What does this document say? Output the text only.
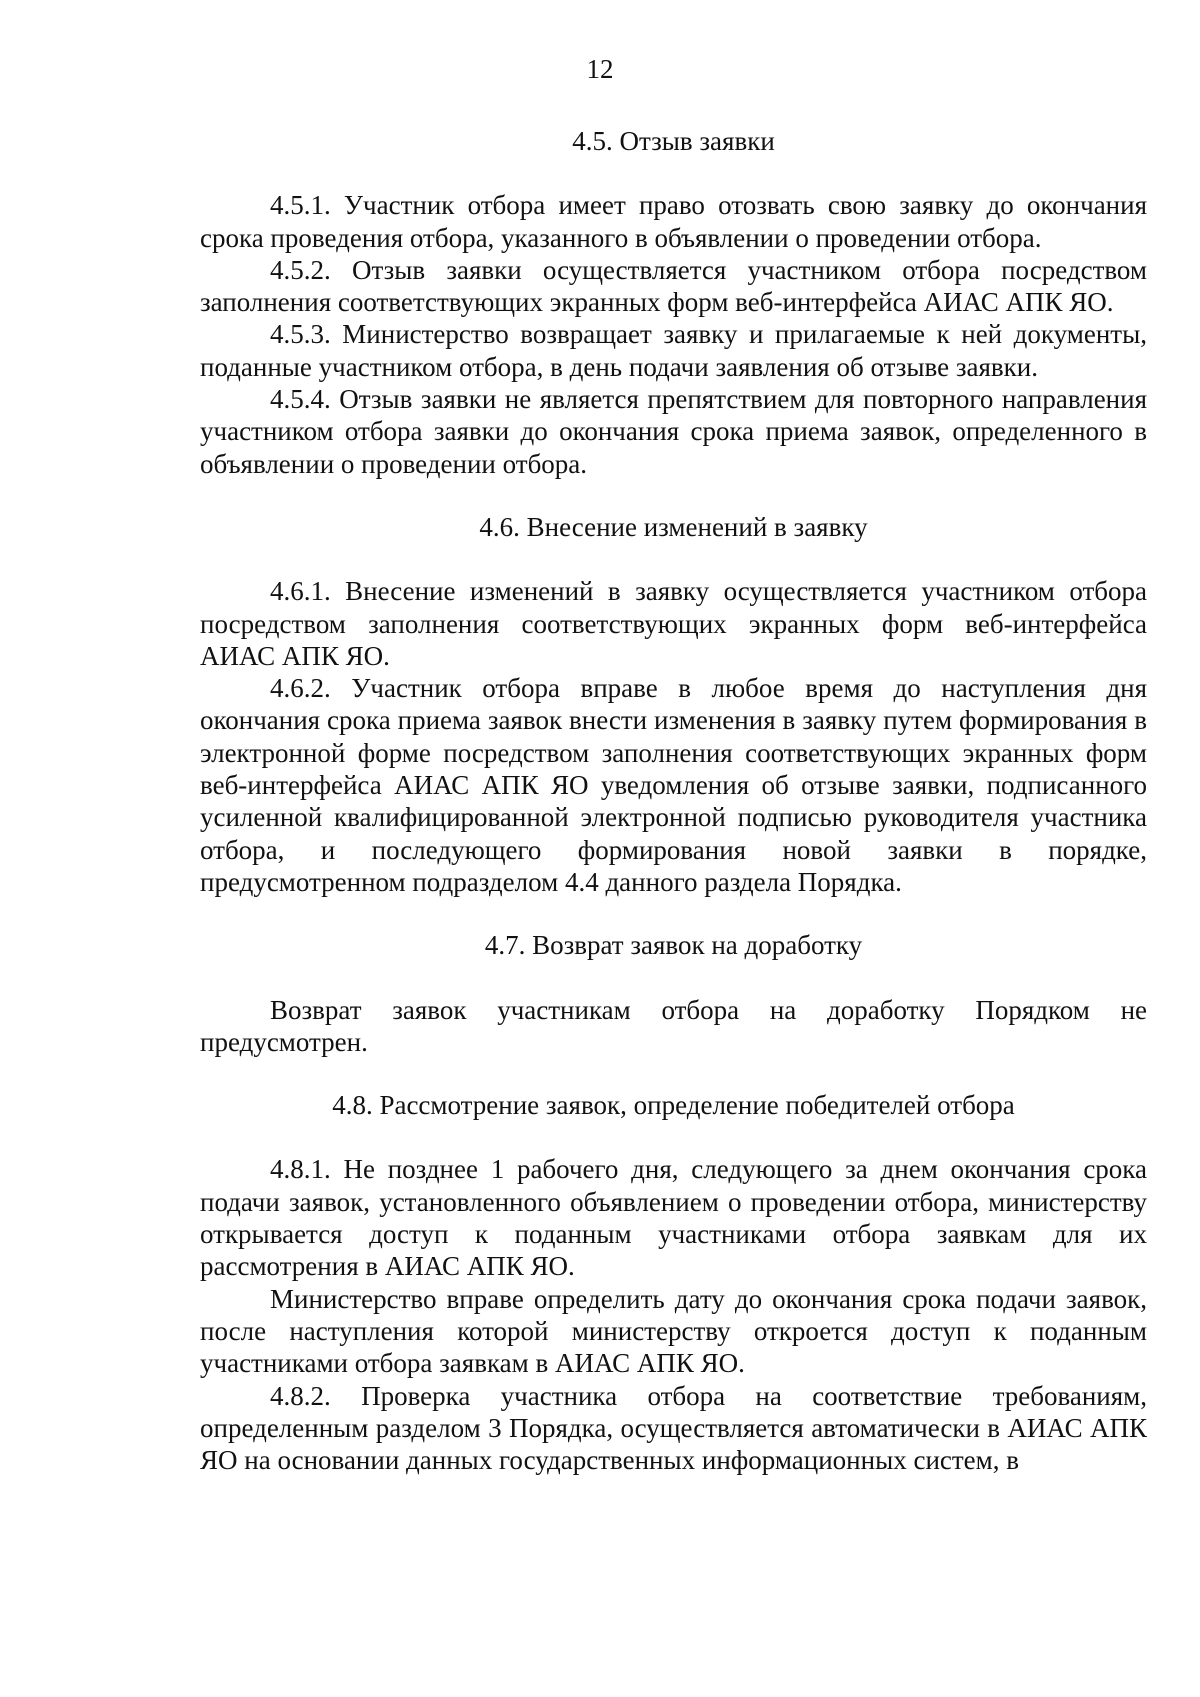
12
4.5. Отзыв заявки

4.5.1. Участник отбора имеет право отозвать свою заявку до окончания срока проведения отбора, указанного в объявлении о проведении отбора.

4.5.2. Отзыв заявки осуществляется участником отбора посредством заполнения соответствующих экранных форм веб-интерфейса АИАС АПК ЯО.

4.5.3. Министерство возвращает заявку и прилагаемые к ней документы, поданные участником отбора, в день подачи заявления об отзыве заявки.

4.5.4. Отзыв заявки не является препятствием для повторного направления участником отбора заявки до окончания срока приема заявок, определенного в объявлении о проведении отбора.

4.6. Внесение изменений в заявку

4.6.1. Внесение изменений в заявку осуществляется участником отбора посредством заполнения соответствующих экранных форм веб-интерфейса АИАС АПК ЯО.

4.6.2. Участник отбора вправе в любое время до наступления дня окончания срока приема заявок внести изменения в заявку путем формирования в электронной форме посредством заполнения соответствующих экранных форм веб-интерфейса АИАС АПК ЯО уведомления об отзыве заявки, подписанного усиленной квалифицированной электронной подписью руководителя участника отбора, и последующего формирования новой заявки в порядке, предусмотренном подразделом 4.4 данного раздела Порядка.

4.7. Возврат заявок на доработку

Возврат заявок участникам отбора на доработку Порядком не предусмотрен.

4.8. Рассмотрение заявок, определение победителей отбора

4.8.1. Не позднее 1 рабочего дня, следующего за днем окончания срока подачи заявок, установленного объявлением о проведении отбора, министерству открывается доступ к поданным участниками отбора заявкам для их рассмотрения в АИАС АПК ЯО.

Министерство вправе определить дату до окончания срока подачи заявок, после наступления которой министерству откроется доступ к поданным участниками отбора заявкам в АИАС АПК ЯО.

4.8.2. Проверка участника отбора на соответствие требованиям, определенным разделом 3 Порядка, осуществляется автоматически в АИАС АПК ЯО на основании данных государственных информационных систем, в
